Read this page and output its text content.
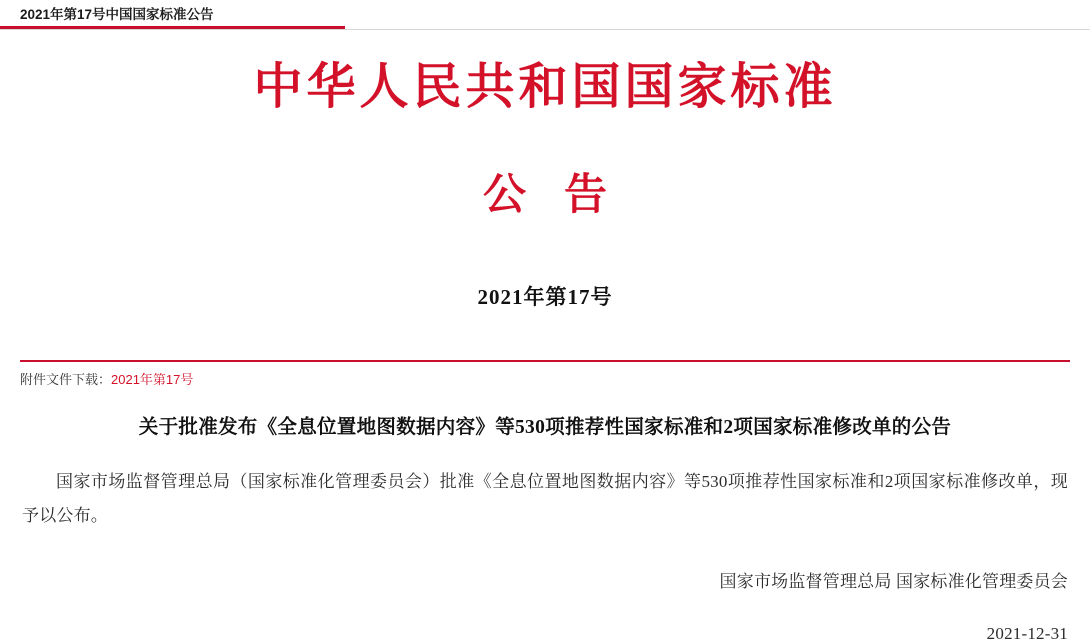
2021年第17号中国国家标准公告
中华人民共和国国家标准
公告
2021年第17号
附件文件下载：2021年第17号
关于批准发布《全息位置地图数据内容》等530项推荐性国家标准和2项国家标准修改单的公告

国家市场监督管理总局（国家标准化管理委员会）批准《全息位置地图数据内容》等530项推荐性国家标准和2项国家标准修改单，现予以公布。

国家市场监督管理总局 国家标准化管理委员会
2021-12-31
